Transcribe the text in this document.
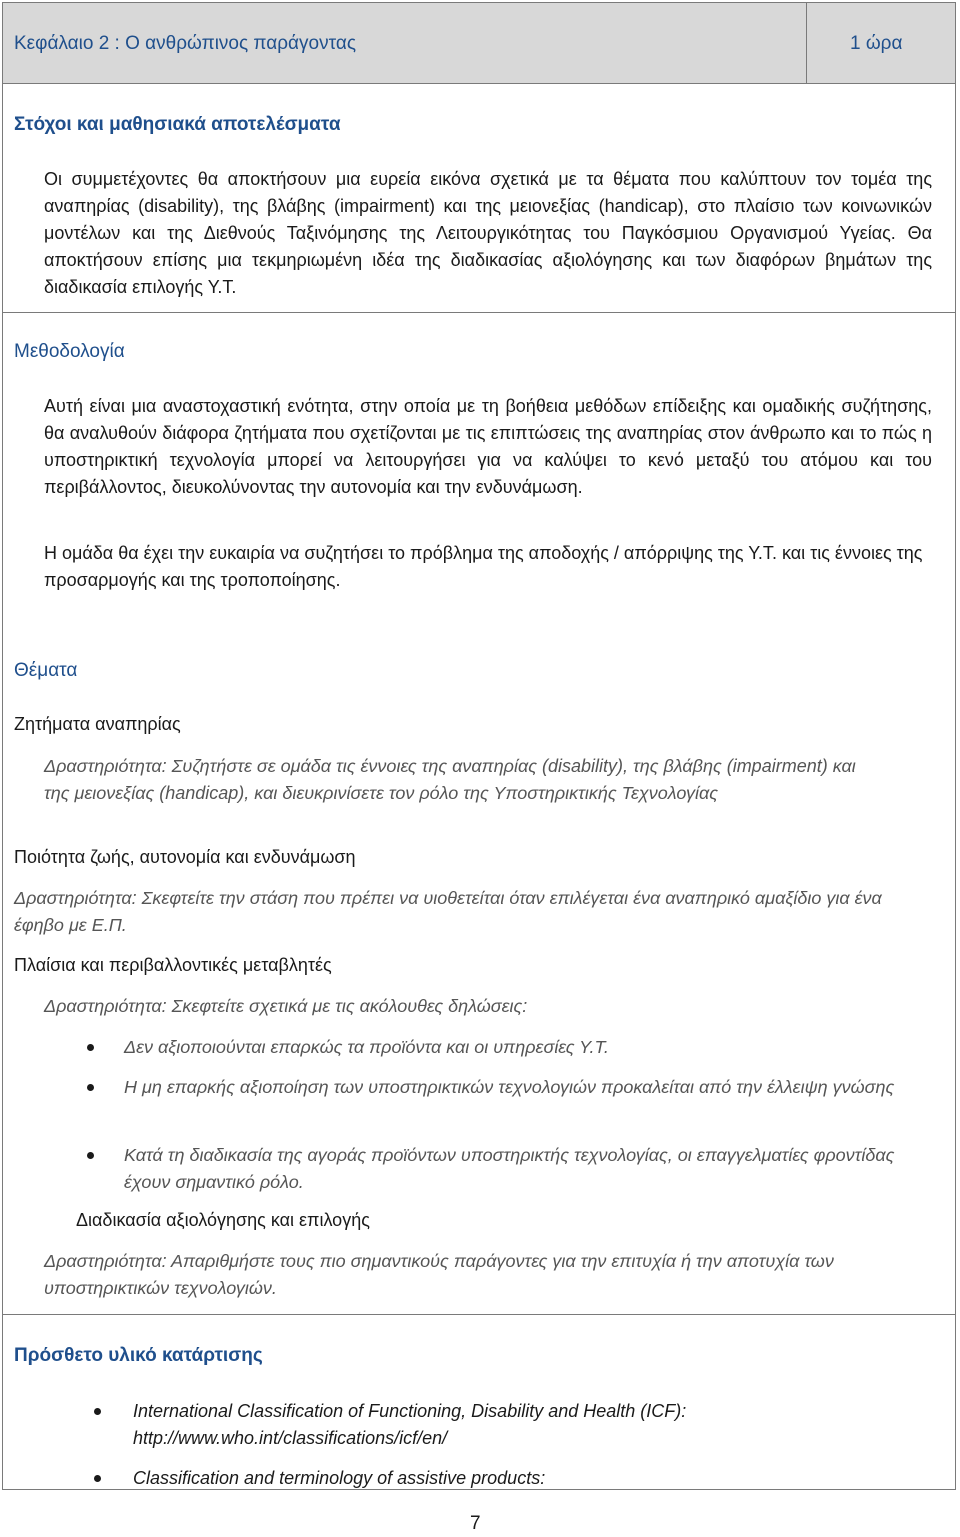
Κεφάλαιο 2 : Ο ανθρώπινος παράγοντας	1 ώρα
Στόχοι και μαθησιακά αποτελέσματα
Οι συμμετέχοντες θα αποκτήσουν μια ευρεία εικόνα σχετικά με τα θέματα που καλύπτουν τον τομέα της αναπηρίας (disability), της βλάβης (impairment) και της μειονεξίας (handicap), στο πλαίσιο των κοινωνικών μοντέλων και της Διεθνούς Ταξινόμησης της Λειτουργικότητας του Παγκόσμιου Οργανισμού Υγείας. Θα αποκτήσουν επίσης μια τεκμηριωμένη ιδέα της διαδικασίας αξιολόγησης και των διαφόρων βημάτων της διαδικασία επιλογής Υ.Τ.
Μεθοδολογία
Αυτή είναι μια αναστοχαστική ενότητα, στην οποία με τη βοήθεια μεθόδων επίδειξης και ομαδικής συζήτησης, θα αναλυθούν διάφορα ζητήματα που σχετίζονται με τις επιπτώσεις της αναπηρίας στον άνθρωπο και το πώς η υποστηρικτική τεχνολογία μπορεί να λειτουργήσει για να καλύψει το κενό μεταξύ του ατόμου και του περιβάλλοντος, διευκολύνοντας την αυτονομία και την ενδυνάμωση.
Η ομάδα θα έχει την ευκαιρία να συζητήσει το πρόβλημα της αποδοχής / απόρριψης της Υ.Τ. και τις έννοιες της προσαρμογής και της τροποποίησης.
Θέματα
Ζητήματα αναπηρίας
Δραστηριότητα: Συζητήστε σε ομάδα τις έννοιες της αναπηρίας (disability), της βλάβης (impairment) και της μειονεξίας (handicap), και διευκρινίσετε τον ρόλο της Υποστηρικτικής Τεχνολογίας
Ποιότητα ζωής, αυτονομία και ενδυνάμωση
Δραστηριότητα: Σκεφτείτε την στάση που πρέπει να υιοθετείται όταν επιλέγεται ένα αναπηρικό αμαξίδιο για ένα έφηβο με Ε.Π.
Πλαίσια και περιβαλλοντικές μεταβλητές
Δραστηριότητα: Σκεφτείτε σχετικά με τις ακόλουθες δηλώσεις:
Δεν αξιοποιούνται επαρκώς τα προϊόντα και οι υπηρεσίες Υ.Τ.
Η μη επαρκής αξιοποίηση των υποστηρικτικών τεχνολογιών προκαλείται από την έλλειψη γνώσης
Κατά τη διαδικασία της αγοράς προϊόντων υποστηρικτής τεχνολογίας, οι επαγγελματίες φροντίδας έχουν σημαντικό ρόλο.
Διαδικασία αξιολόγησης και επιλογής
Δραστηριότητα: Απαριθμήστε τους πιο σημαντικούς παράγοντες για την επιτυχία ή την αποτυχία των υποστηρικτικών τεχνολογιών.
Πρόσθετο υλικό κατάρτισης
International Classification of Functioning, Disability and Health (ICF): http://www.who.int/classifications/icf/en/
Classification and terminology of assistive products:
7
